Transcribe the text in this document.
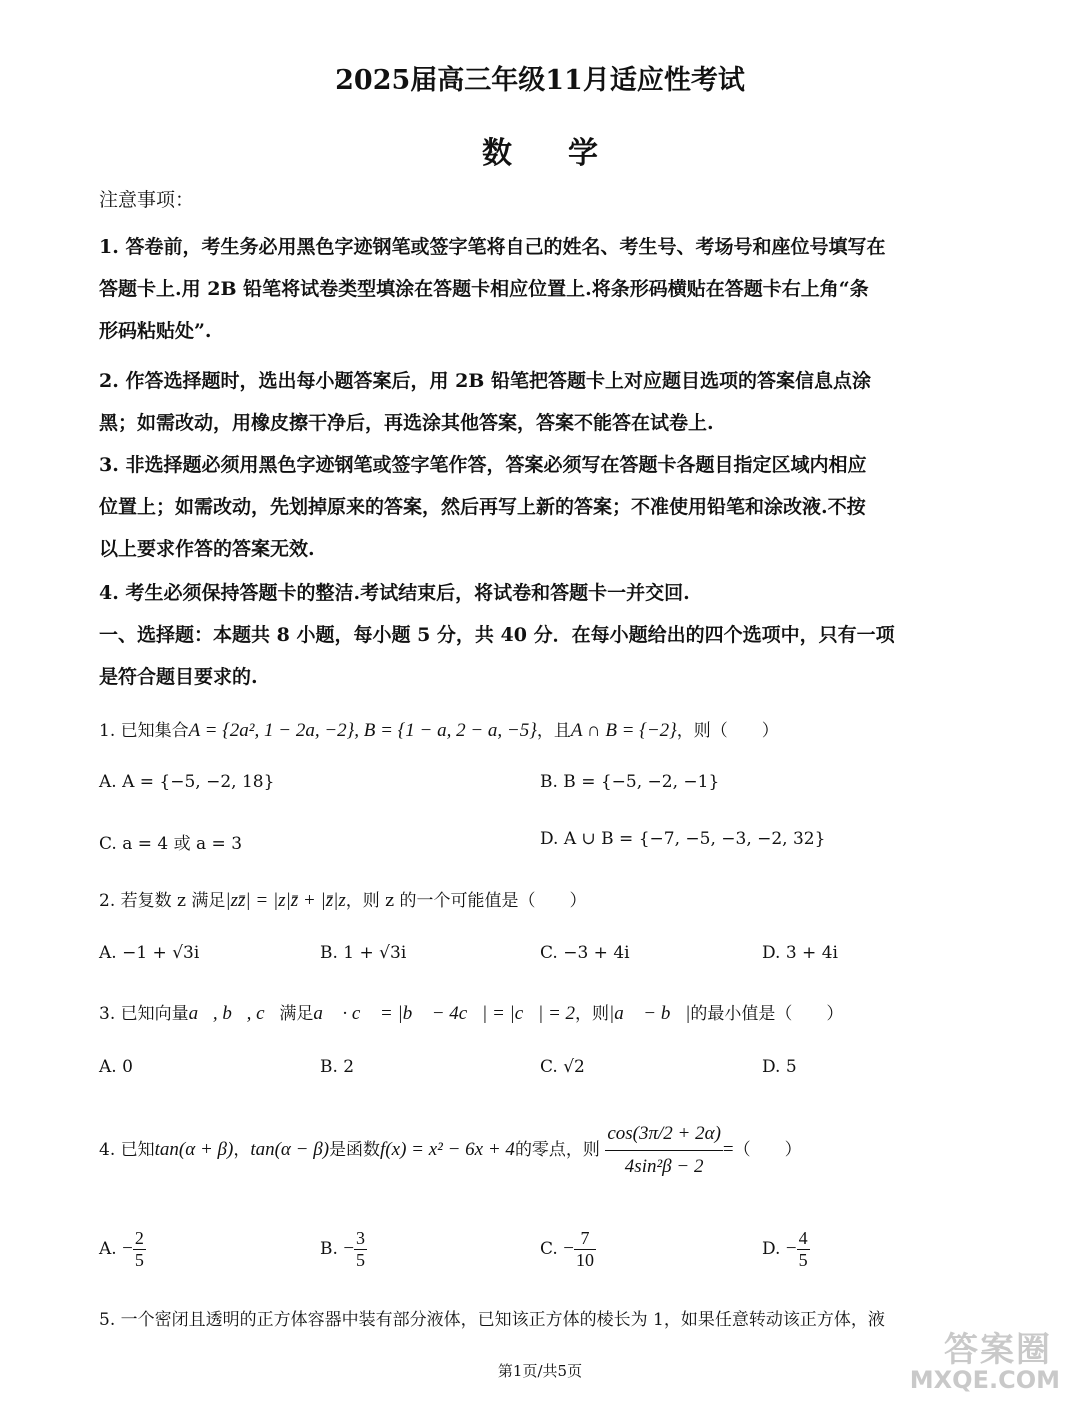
2025届高三年级11月适应性考试
数学
注意事项：
1. 答卷前，考生务必用黑色字迹钢笔或签字笔将自己的姓名、考生号、考场号和座位号填写在
答题卡上.用 2B 铅笔将试卷类型填涂在答题卡相应位置上.将条形码横贴在答题卡右上角“条
形码粘贴处”.
2. 作答选择题时，选出每小题答案后，用 2B 铅笔把答题卡上对应题目选项的答案信息点涂
黑；如需改动，用橡皮擦干净后，再选涂其他答案，答案不能答在试卷上.
3. 非选择题必须用黑色字迹钢笔或签字笔作答，答案必须写在答题卡各题目指定区域内相应
位置上；如需改动，先划掉原来的答案，然后再写上新的答案；不准使用铅笔和涂改液.不按
以上要求作答的答案无效.
4. 考生必须保持答题卡的整洁.考试结束后，将试卷和答题卡一并交回.
一、选择题：本题共 8 小题，每小题 5 分，共 40 分．在每小题给出的四个选项中，只有一项
是符合题目要求的.
1. 已知集合A = {2a², 1 − 2a, −2}, B = {1 − a, 2 − a, −5}，且A ∩ B = {−2}，则（　　）
A. A = {−5, −2, 18}	B. B = {−5, −2, −1}
C. a = 4 或 a = 3	D. A ∪ B = {−7, −5, −3, −2, 32}
2. 若复数 z 满足|zz̄| = |z|z̄ + |z̄|z，则 z 的一个可能值是（　　）
A. −1 + √3i	B. 1 + √3i	C. −3 + 4i	D. 3 + 4i
3. 已知向量a⃗, b⃗, c⃗满足a⃗ · c⃗ = |b⃗ − 4c⃗| = |c⃗| = 2，则|a⃗ − b⃗|的最小值是（　　）
A. 0	B. 2	C. √2	D. 5
4. 已知tan(α + β)，tan(α − β)是函数f(x) = x² − 6x + 4的零点，则 $\frac{\cos(3\pi/2 + 2\alpha)}{\text{4sin²β − 2}}$ =（　　）
A. − $\frac{2}{5}$	B. − $\frac{3}{5}$	C. − $\frac{7}{10}$	D. − $\frac{4}{5}$
5. 一个密闭且透明的正方体容器中装有部分液体，已知该正方体的棱长为 1，如果任意转动该正方体，液
第1页/共5页
答案圈
MXQE.COM
